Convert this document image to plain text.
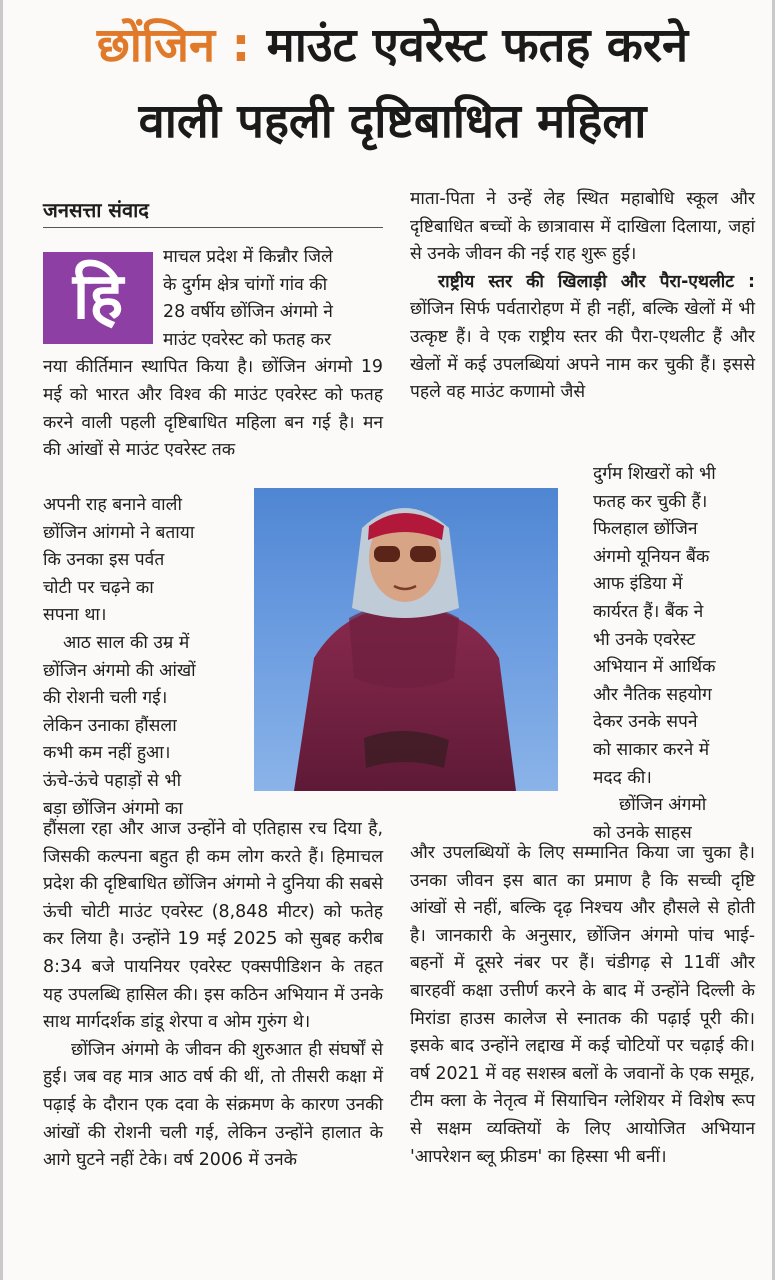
छोंजिन : माउंट एवरेस्ट फतह करने
वाली पहली दृष्टिबाधित महिला
जनसत्ता संवाद
हि
माचल प्रदेश में किन्नौर जिले
के दुर्गम क्षेत्र चांगों गांव की
28 वर्षीय छोंजिन अंगमो ने
माउंट एवरेस्ट को फतह कर

नया कीर्तिमान स्थापित किया है। छोंजिन अंगमो 19 मई को भारत और विश्व की माउंट एवरेस्ट को फतह करने वाली पहली दृष्टिबाधित महिला बन गई है। मन की आंखों से माउंट एवरेस्ट तक

अपनी राह बनाने वाली
छोंजिन आंगमो ने बताया
कि उनका इस पर्वत
चोटी पर चढ़ने का
सपना था।
आठ साल की उम्र में
छोंजिन अंगमो की आंखों
की रोशनी चली गई।
लेकिन उनाका हौंसला
कभी कम नहीं हुआ।
ऊंचे-ऊंचे पहाड़ों से भी
बड़ा छोंजिन अंगमो का

हौंसला रहा और आज उन्होंने वो एतिहास रच दिया है, जिसकी कल्पना बहुत ही कम लोग करते हैं। हिमाचल प्रदेश की दृष्टिबाधित छोंजिन अंगमो ने दुनिया की सबसे ऊंची चोटी माउंट एवरेस्ट (8,848 मीटर) को फतेह कर लिया है। उन्होंने 19 मई 2025 को सुबह करीब 8:34 बजे पायनियर एवरेस्ट एक्सपीडिशन के तहत यह उपलब्धि हासिल की। इस कठिन अभियान में उनके साथ मार्गदर्शक डांडू शेरपा व ओम गुरुंग थे।

छोंजिन अंगमो के जीवन की शुरुआत ही संघर्षों से हुई। जब वह मात्र आठ वर्ष की थीं, तो तीसरी कक्षा में पढ़ाई के दौरान एक दवा के संक्रमण के कारण उनकी आंखों की रोशनी चली गई, लेकिन उन्होंने हालात के आगे घुटने नहीं टेके। वर्ष 2006 में उनके

माता-पिता ने उन्हें लेह स्थित महाबोधि स्कूल और दृष्टिबाधित बच्चों के छात्रावास में दाखिला दिलाया, जहां से उनके जीवन की नई राह शुरू हुई।

राष्ट्रीय स्तर की खिलाड़ी और पैरा-एथलीट : छोंजिन सिर्फ पर्वतारोहण में ही नहीं, बल्कि खेलों में भी उत्कृष्ट हैं। वे एक राष्ट्रीय स्तर की पैरा-एथलीट हैं और खेलों में कई उपलब्धियां अपने नाम कर चुकी हैं। इससे पहले वह माउंट कणामो जैसे

दुर्गम शिखरों को भी
फतह कर चुकी हैं।
फिलहाल छोंजिन
अंगमो यूनियन बैंक
आफ इंडिया में
कार्यरत हैं। बैंक ने
भी उनके एवरेस्ट
अभियान में आर्थिक
और नैतिक सहयोग
देकर उनके सपने
को साकार करने में
मदद की।
छोंजिन अंगमो
को उनके साहस

और उपलब्धियों के लिए सम्मानित किया जा चुका है। उनका जीवन इस बात का प्रमाण है कि सच्ची दृष्टि आंखों से नहीं, बल्कि दृढ़ निश्चय और हौसले से होती है। जानकारी के अनुसार, छोंजिन अंगमो पांच भाई-बहनों में दूसरे नंबर पर हैं। चंडीगढ़ से 11वीं और बारहवीं कक्षा उत्तीर्ण करने के बाद में उन्होंने दिल्ली के मिरांडा हाउस कालेज से स्नातक की पढ़ाई पूरी की। इसके बाद उन्होंने लद्दाख में कई चोटियों पर चढ़ाई की। वर्ष 2021 में वह सशस्त्र बलों के जवानों के एक समूह, टीम क्ला के नेतृत्व में सियाचिन ग्लेशियर में विशेष रूप से सक्षम व्यक्तियों के लिए आयोजित अभियान 'आपरेशन ब्लू फ्रीडम' का हिस्सा भी बनीं।
